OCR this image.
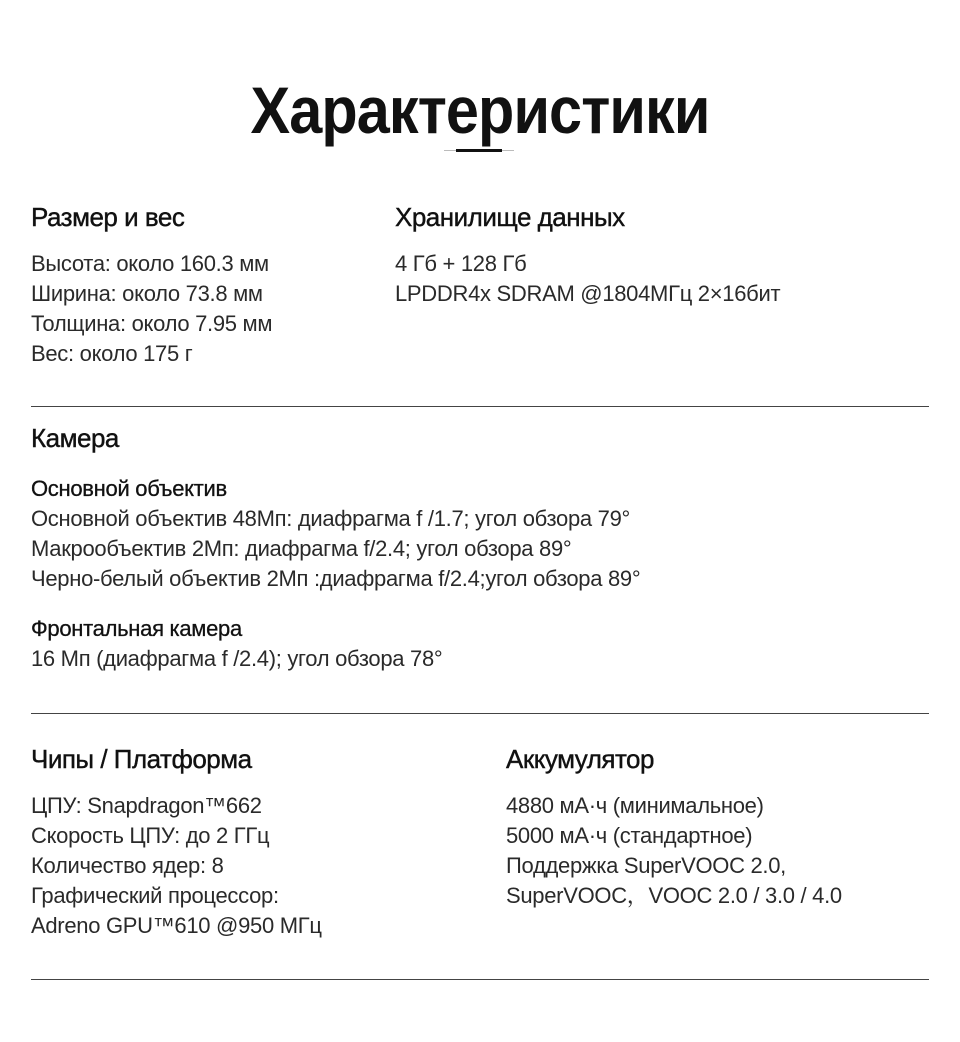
Характеристики
Размер и вес
Высота: около 160.3 мм
Ширина: около 73.8 мм
Толщина: около 7.95 мм
Вес: около 175 г
Хранилище данных
4 Гб + 128 Гб
LPDDR4x SDRAM @1804МГц 2×16бит
Камера
Основной объектив
Основной объектив 48Мп: диафрагма f /1.7; угол обзора 79°
Макрообъектив 2Мп: диафрагма f/2.4; угол обзора 89°
Черно-белый объектив 2Мп :диафрагма f/2.4;угол обзора 89°
Фронтальная камера
16 Мп (диафрагма f /2.4); угол обзора 78°
Чипы / Платформа
ЦПУ: Snapdragon™662
Скорость ЦПУ: до 2 ГГц
Количество ядер: 8
Графический процессор:
Adreno GPU™610 @950 МГц
Аккумулятор
4880 мА·ч (минимальное)
5000 мА·ч (стандартное)
Поддержка SuperVOOC 2.0,
SuperVOOC，VOOC 2.0 / 3.0 / 4.0
